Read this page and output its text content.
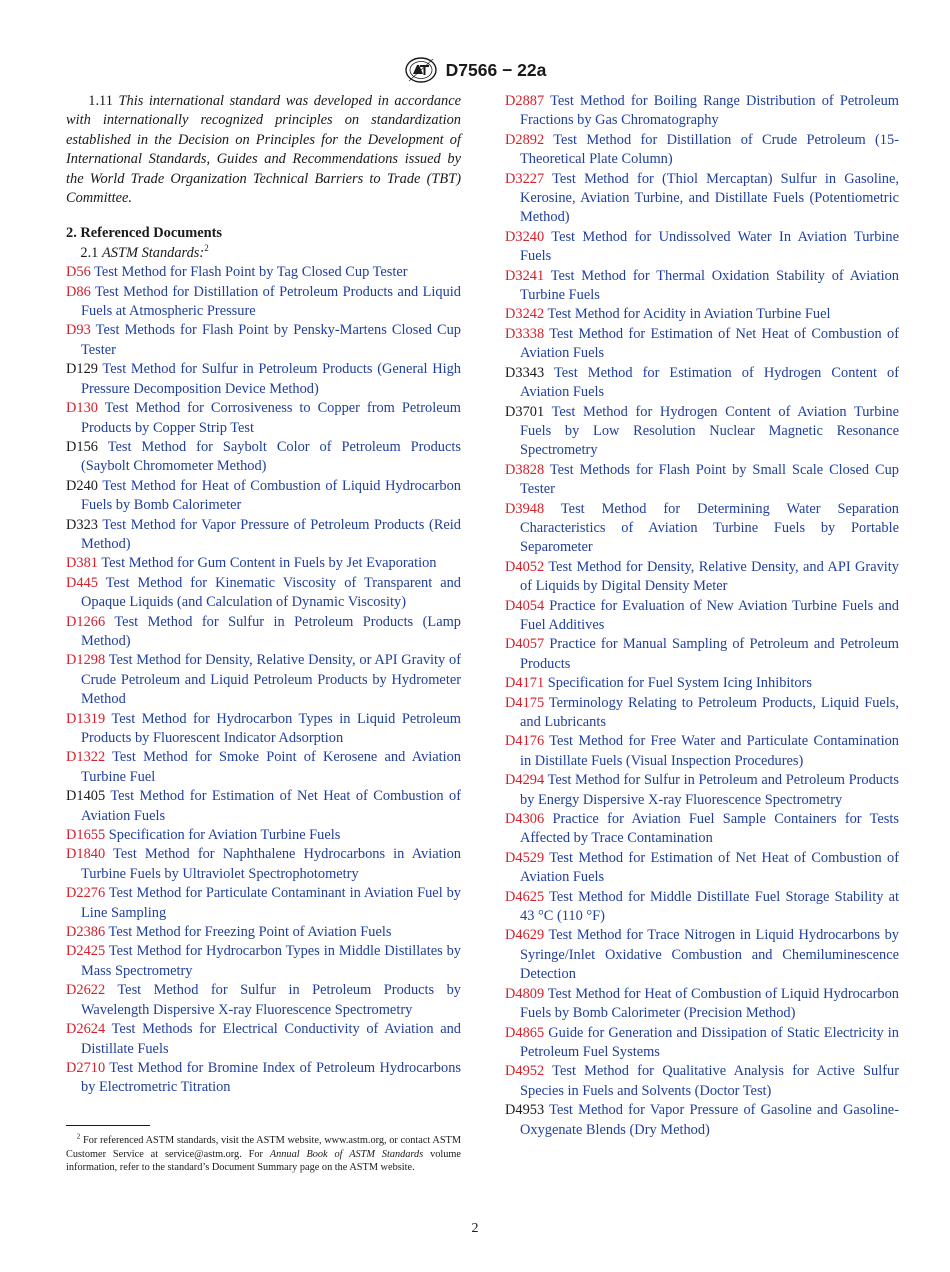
D7566 − 22a

1.11 This international standard was developed in accordance with internationally recognized principles on standardization established in the Decision on Principles for the Development of International Standards, Guides and Recommendations issued by the World Trade Organization Technical Barriers to Trade (TBT) Committee.

2. Referenced Documents

2.1 ASTM Standards:$^2$

D56 Test Method for Flash Point by Tag Closed Cup Tester

D86 Test Method for Distillation of Petroleum Products and Liquid Fuels at Atmospheric Pressure

D93 Test Methods for Flash Point by Pensky-Martens Closed Cup Tester

D129 Test Method for Sulfur in Petroleum Products (General High Pressure Decomposition Device Method)

D130 Test Method for Corrosiveness to Copper from Petroleum Products by Copper Strip Test

D156 Test Method for Saybolt Color of Petroleum Products (Saybolt Chromometer Method)

D240 Test Method for Heat of Combustion of Liquid Hydrocarbon Fuels by Bomb Calorimeter

D323 Test Method for Vapor Pressure of Petroleum Products (Reid Method)

D381 Test Method for Gum Content in Fuels by Jet Evaporation

D445 Test Method for Kinematic Viscosity of Transparent and Opaque Liquids (and Calculation of Dynamic Viscosity)

D1266 Test Method for Sulfur in Petroleum Products (Lamp Method)

D1298 Test Method for Density, Relative Density, or API Gravity of Crude Petroleum and Liquid Petroleum Products by Hydrometer Method

D1319 Test Method for Hydrocarbon Types in Liquid Petroleum Products by Fluorescent Indicator Adsorption

D1322 Test Method for Smoke Point of Kerosene and Aviation Turbine Fuel

D1405 Test Method for Estimation of Net Heat of Combustion of Aviation Fuels

D1655 Specification for Aviation Turbine Fuels

D1840 Test Method for Naphthalene Hydrocarbons in Aviation Turbine Fuels by Ultraviolet Spectrophotometry

D2276 Test Method for Particulate Contaminant in Aviation Fuel by Line Sampling

D2386 Test Method for Freezing Point of Aviation Fuels

D2425 Test Method for Hydrocarbon Types in Middle Distillates by Mass Spectrometry

D2622 Test Method for Sulfur in Petroleum Products by Wavelength Dispersive X-ray Fluorescence Spectrometry

D2624 Test Methods for Electrical Conductivity of Aviation and Distillate Fuels

D2710 Test Method for Bromine Index of Petroleum Hydrocarbons by Electrometric Titration

D2887 Test Method for Boiling Range Distribution of Petroleum Fractions by Gas Chromatography

D2892 Test Method for Distillation of Crude Petroleum (15-Theoretical Plate Column)

D3227 Test Method for (Thiol Mercaptan) Sulfur in Gasoline, Kerosine, Aviation Turbine, and Distillate Fuels (Potentiometric Method)

D3240 Test Method for Undissolved Water In Aviation Turbine Fuels

D3241 Test Method for Thermal Oxidation Stability of Aviation Turbine Fuels

D3242 Test Method for Acidity in Aviation Turbine Fuel

D3338 Test Method for Estimation of Net Heat of Combustion of Aviation Fuels

D3343 Test Method for Estimation of Hydrogen Content of Aviation Fuels

D3701 Test Method for Hydrogen Content of Aviation Turbine Fuels by Low Resolution Nuclear Magnetic Resonance Spectrometry

D3828 Test Methods for Flash Point by Small Scale Closed Cup Tester

D3948 Test Method for Determining Water Separation Characteristics of Aviation Turbine Fuels by Portable Separometer

D4052 Test Method for Density, Relative Density, and API Gravity of Liquids by Digital Density Meter

D4054 Practice for Evaluation of New Aviation Turbine Fuels and Fuel Additives

D4057 Practice for Manual Sampling of Petroleum and Petroleum Products

D4171 Specification for Fuel System Icing Inhibitors

D4175 Terminology Relating to Petroleum Products, Liquid Fuels, and Lubricants

D4176 Test Method for Free Water and Particulate Contamination in Distillate Fuels (Visual Inspection Procedures)

D4294 Test Method for Sulfur in Petroleum and Petroleum Products by Energy Dispersive X-ray Fluorescence Spectrometry

D4306 Practice for Aviation Fuel Sample Containers for Tests Affected by Trace Contamination

D4529 Test Method for Estimation of Net Heat of Combustion of Aviation Fuels

D4625 Test Method for Middle Distillate Fuel Storage Stability at 43 °C (110 °F)

D4629 Test Method for Trace Nitrogen in Liquid Hydrocarbons by Syringe/Inlet Oxidative Combustion and Chemiluminescence Detection

D4809 Test Method for Heat of Combustion of Liquid Hydrocarbon Fuels by Bomb Calorimeter (Precision Method)

D4865 Guide for Generation and Dissipation of Static Electricity in Petroleum Fuel Systems

D4952 Test Method for Qualitative Analysis for Active Sulfur Species in Fuels and Solvents (Doctor Test)

D4953 Test Method for Vapor Pressure of Gasoline and Gasoline-Oxygenate Blends (Dry Method)

$^2$ For referenced ASTM standards, visit the ASTM website, www.astm.org, or contact ASTM Customer Service at service@astm.org. For Annual Book of ASTM Standards volume information, refer to the standard’s Document Summary page on the ASTM website.
2
